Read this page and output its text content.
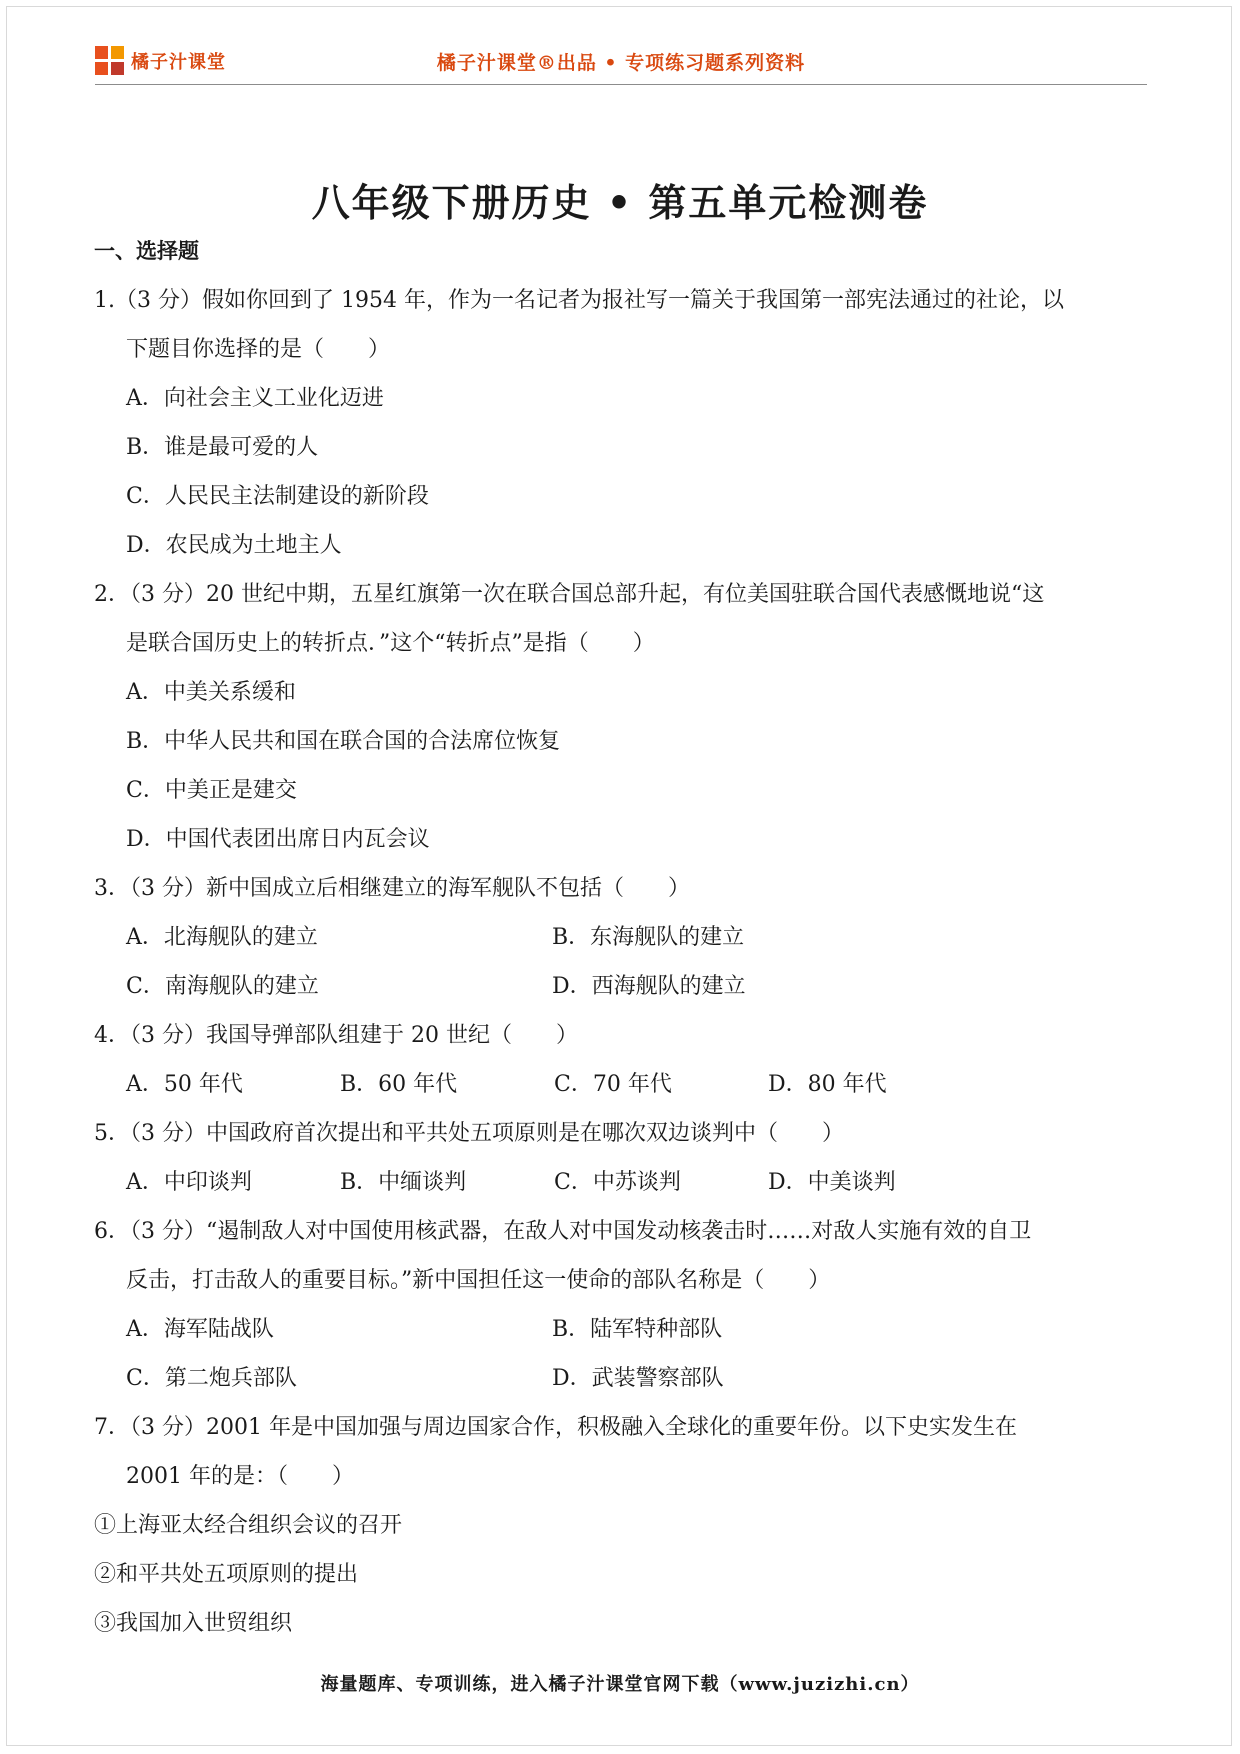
橘子汁课堂	橘子汁课堂®出品 • 专项练习题系列资料
八年级下册历史 • 第五单元检测卷
一、选择题
1.（3 分）假如你回到了 1954 年，作为一名记者为报社写一篇关于我国第一部宪法通过的社论，以
下题目你选择的是（　　）
A．向社会主义工业化迈进
B．谁是最可爱的人
C．人民民主法制建设的新阶段
D．农民成为土地主人
2．（3 分）20 世纪中期，五星红旗第一次在联合国总部升起，有位美国驻联合国代表感慨地说“这
是联合国历史上的转折点．”这个“转折点”是指（　　）
A．中美关系缓和
B．中华人民共和国在联合国的合法席位恢复
C．中美正是建交
D．中国代表团出席日内瓦会议
3．（3 分）新中国成立后相继建立的海军舰队不包括（　　）
A．北海舰队的建立	B．东海舰队的建立
C．南海舰队的建立	D．西海舰队的建立
4．（3 分）我国导弹部队组建于 20 世纪（　　）
A．50 年代	B．60 年代	C．70 年代	D．80 年代
5．（3 分）中国政府首次提出和平共处五项原则是在哪次双边谈判中（　　）
A．中印谈判	B．中缅谈判	C．中苏谈判	D．中美谈判
6．（3 分）“遏制敌人对中国使用核武器，在敌人对中国发动核袭击时……对敌人实施有效的自卫
反击，打击敌人的重要目标。”新中国担任这一使命的部队名称是（　　）
A．海军陆战队	B．陆军特种部队
C．第二炮兵部队	D．武装警察部队
7．（3 分）2001 年是中国加强与周边国家合作，积极融入全球化的重要年份。以下史实发生在
2001 年的是：（　　）
①上海亚太经合组织会议的召开
②和平共处五项原则的提出
③我国加入世贸组织
海量题库、专项训练，进入橘子汁课堂官网下载（www.juzizhi.cn）
